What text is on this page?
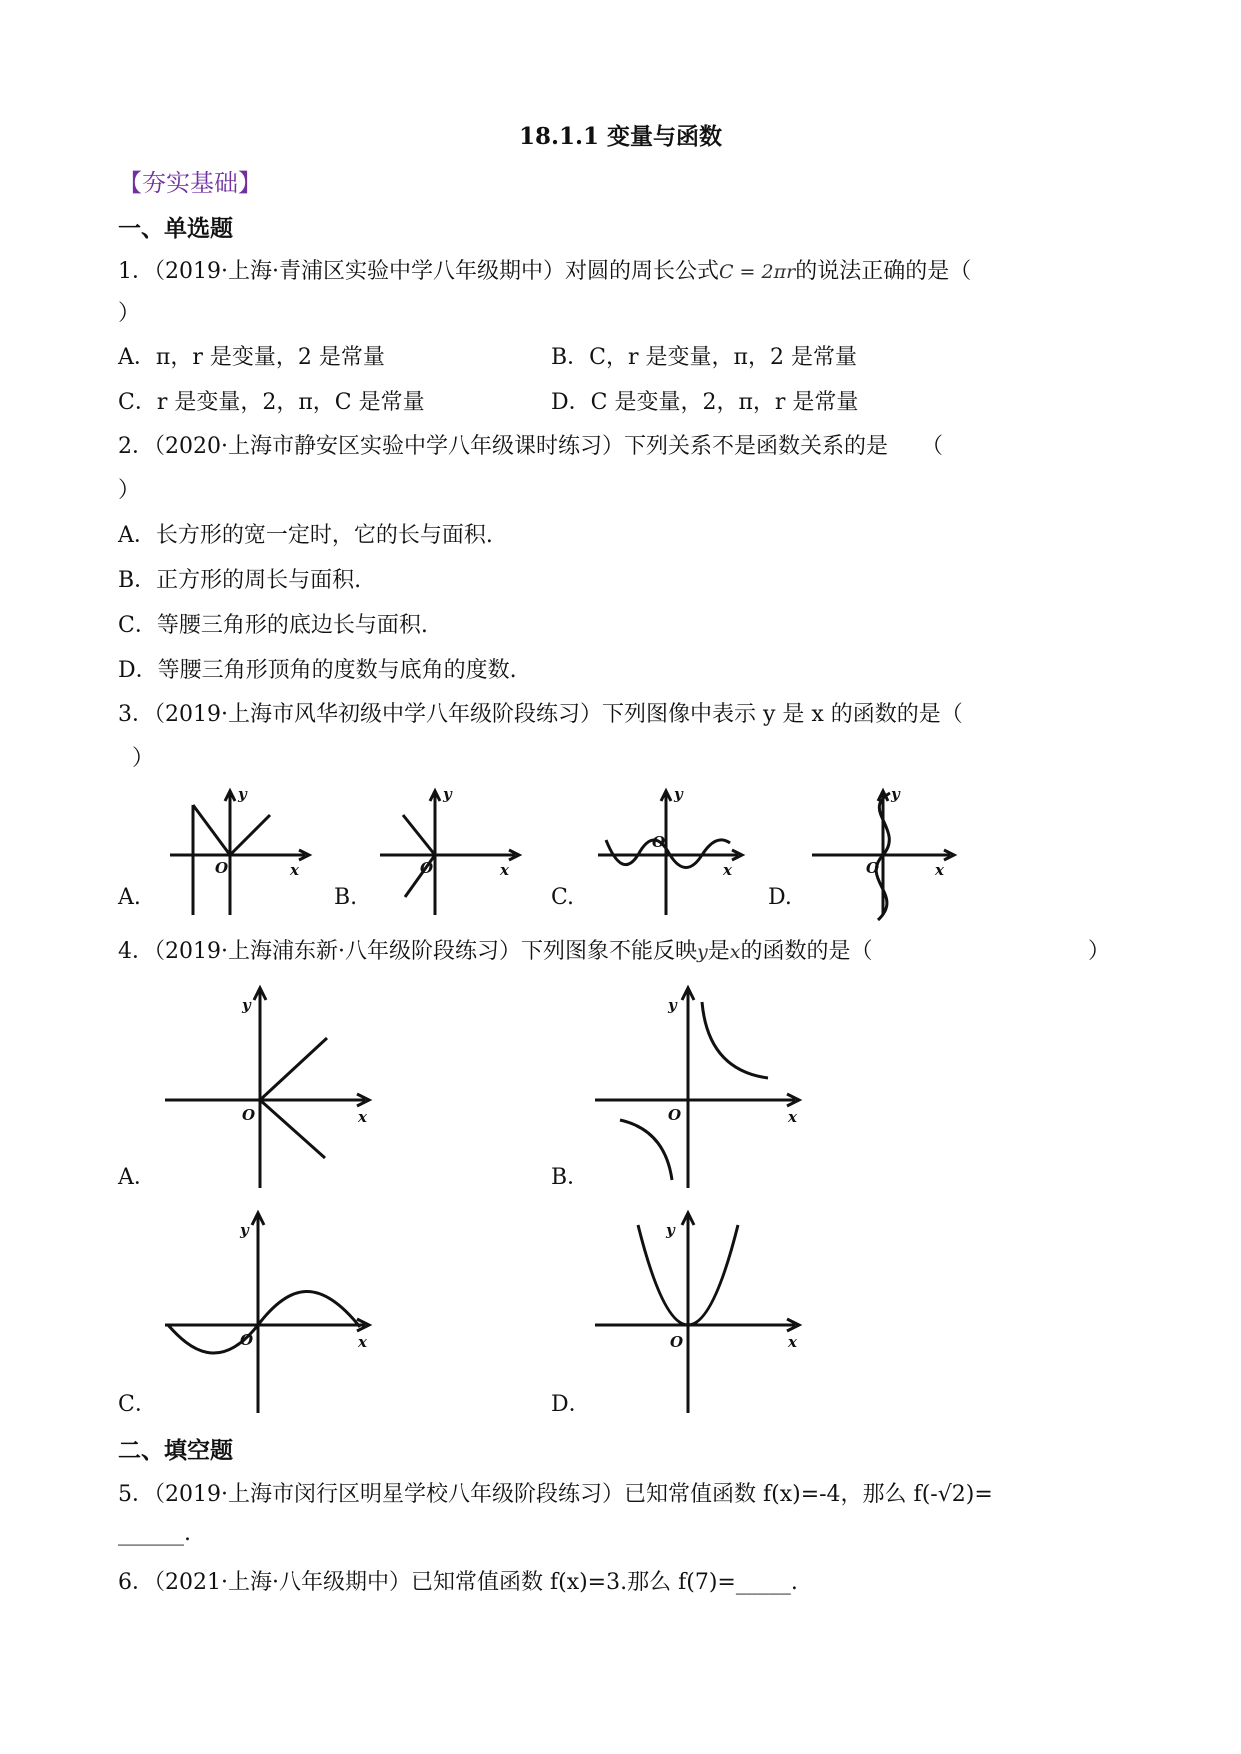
18.1.1 变量与函数
【夯实基础】
一、单选题
1．（2019·上海·青浦区实验中学八年级期中）对圆的周长公式C = 2πr的说法正确的是（
）
A．π，r 是变量，2 是常量	B．C，r 是变量，π，2 是常量
C．r 是变量，2，π，C 是常量	D．C 是变量，2，π，r 是常量
2．（2020·上海市静安区实验中学八年级课时练习）下列关系不是函数关系的是　　（
）
A．长方形的宽一定时，它的长与面积.
B．正方形的周长与面积.
C．等腰三角形的底边长与面积.
D．等腰三角形顶角的度数与底角的度数.
3．（2019·上海市风华初级中学八年级阶段练习）下列图像中表示 y 是 x 的函数的是（
）
A.
y
x
O
B.
y
x
O
C.
y
x
O
D.
y
x
O
4．（2019·上海浦东新·八年级阶段练习）下列图象不能反映y是x的函数的是（	）
A．
y
x
O
B．
y
x
O
C．
y
x
O
D．
y
x
O
二、填空题
5．（2019·上海市闵行区明星学校八年级阶段练习）已知常值函数 f(x)=-4，那么 f(-√2)=
______.
6．（2021·上海·八年级期中）已知常值函数 f(x)=3.那么 f(7)=_____.
